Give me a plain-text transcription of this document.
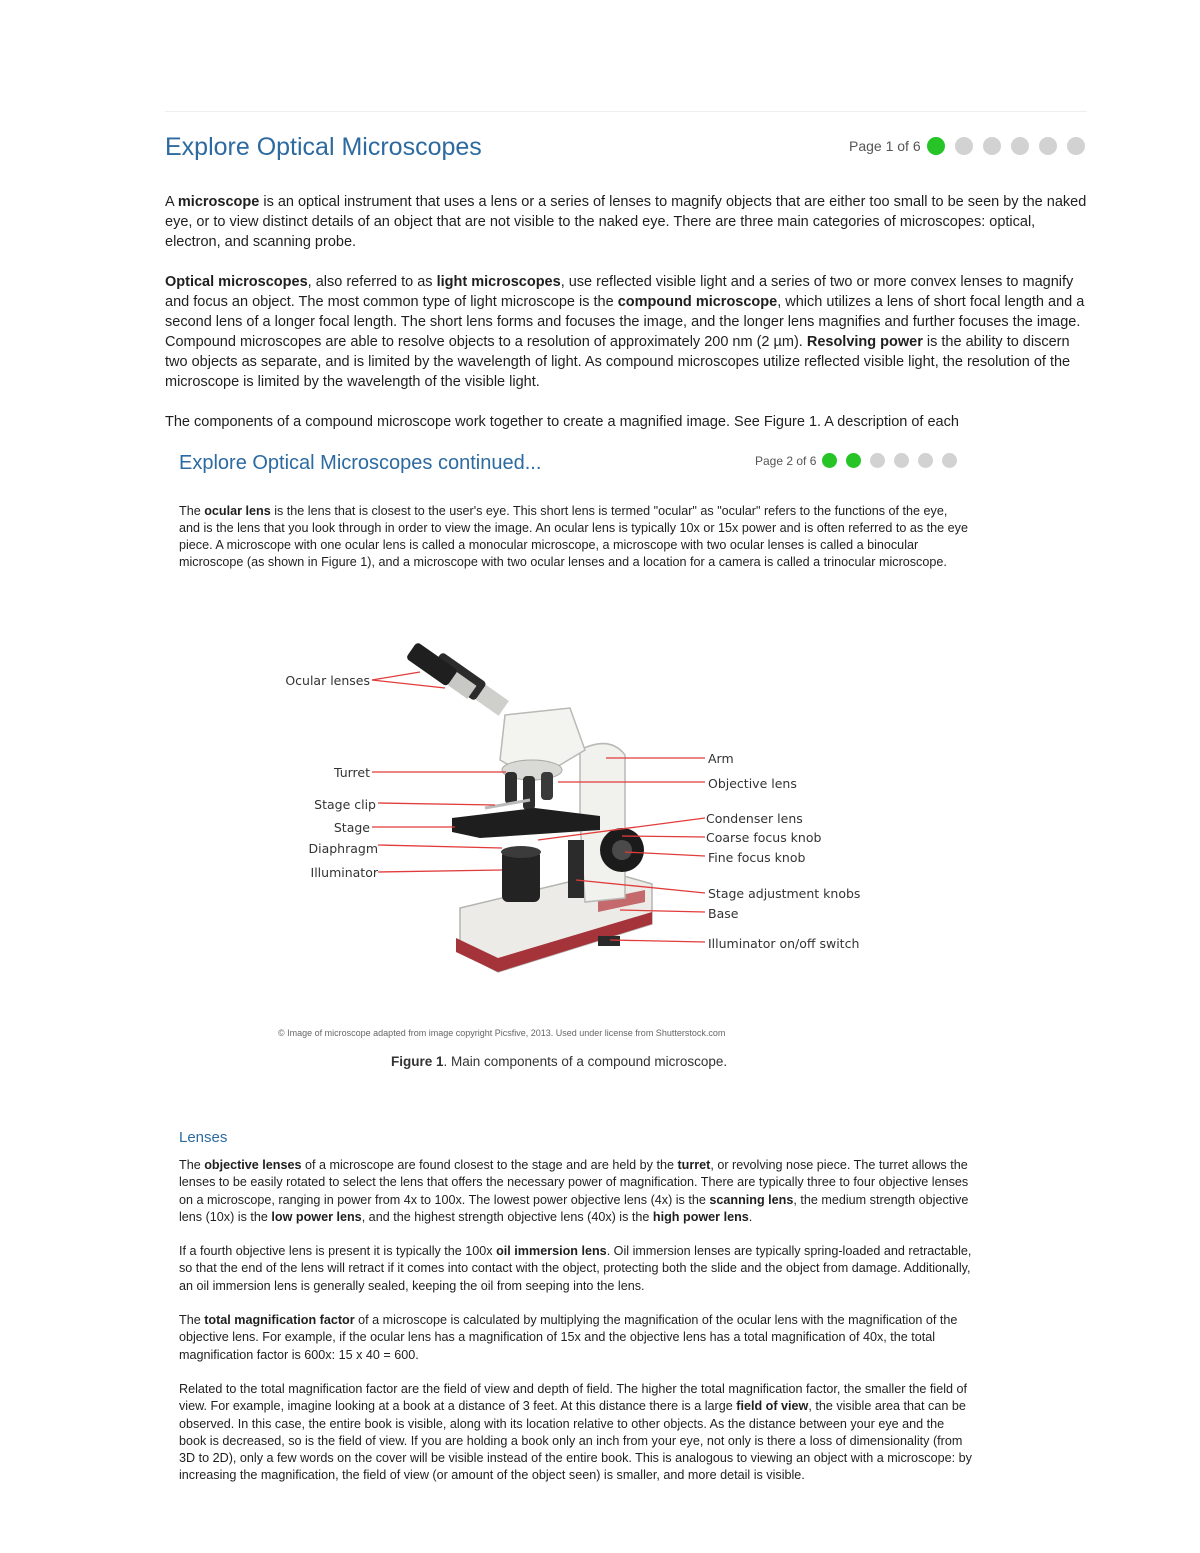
Explore Optical Microscopes	Page 1 of 6

A microscope is an optical instrument that uses a lens or a series of lenses to magnify objects that are either too small to be seen by the naked eye, or to view distinct details of an object that are not visible to the naked eye. There are three main categories of microscopes: optical, electron, and scanning probe.

Optical microscopes, also referred to as light microscopes, use reflected visible light and a series of two or more convex lenses to magnify and focus an object. The most common type of light microscope is the compound microscope, which utilizes a lens of short focal length and a second lens of a longer focal length. The short lens forms and focuses the image, and the longer lens magnifies and further focuses the image. Compound microscopes are able to resolve objects to a resolution of approximately 200 nm (2 µm). Resolving power is the ability to discern two objects as separate, and is limited by the wavelength of light. As compound microscopes utilize reflected visible light, the resolution of the microscope is limited by the wavelength of the visible light.

The components of a compound microscope work together to create a magnified image. See Figure 1. A description of each

Explore Optical Microscopes continued...	Page 2 of 6

The ocular lens is the lens that is closest to the user's eye. This short lens is termed "ocular" as "ocular" refers to the functions of the eye, and is the lens that you look through in order to view the image. An ocular lens is typically 10x or 15x power and is often referred to as the eye piece. A microscope with one ocular lens is called a monocular microscope, a microscope with two ocular lenses is called a binocular microscope (as shown in Figure 1), and a microscope with two ocular lenses and a location for a camera is called a trinocular microscope.

Ocular lenses
Turret
Stage clip
Stage
Diaphragm
Illuminator
Arm
Objective lens
Condenser lens
Coarse focus knob
Fine focus knob
Stage adjustment knobs
Base
Illuminator on/off switch
© Image of microscope adapted from image copyright Picsfive, 2013. Used under license from Shutterstock.com
Figure 1. Main components of a compound microscope.
Lenses

The objective lenses of a microscope are found closest to the stage and are held by the turret, or revolving nose piece. The turret allows the lenses to be easily rotated to select the lens that offers the necessary power of magnification. There are typically three to four objective lenses on a microscope, ranging in power from 4x to 100x. The lowest power objective lens (4x) is the scanning lens, the medium strength objective lens (10x) is the low power lens, and the highest strength objective lens (40x) is the high power lens.

If a fourth objective lens is present it is typically the 100x oil immersion lens. Oil immersion lenses are typically spring-loaded and retractable, so that the end of the lens will retract if it comes into contact with the object, protecting both the slide and the object from damage. Additionally, an oil immersion lens is generally sealed, keeping the oil from seeping into the lens.

The total magnification factor of a microscope is calculated by multiplying the magnification of the ocular lens with the magnification of the objective lens. For example, if the ocular lens has a magnification of 15x and the objective lens has a total magnification of 40x, the total magnification factor is 600x: 15 x 40 = 600.

Related to the total magnification factor are the field of view and depth of field. The higher the total magnification factor, the smaller the field of view. For example, imagine looking at a book at a distance of 3 feet. At this distance there is a large field of view, the visible area that can be observed. In this case, the entire book is visible, along with its location relative to other objects. As the distance between your eye and the book is decreased, so is the field of view. If you are holding a book only an inch from your eye, not only is there a loss of dimensionality (from 3D to 2D), only a few words on the cover will be visible instead of the entire book. This is analogous to viewing an object with a microscope: by increasing the magnification, the field of view (or amount of the object seen) is smaller, and more detail is visible.
